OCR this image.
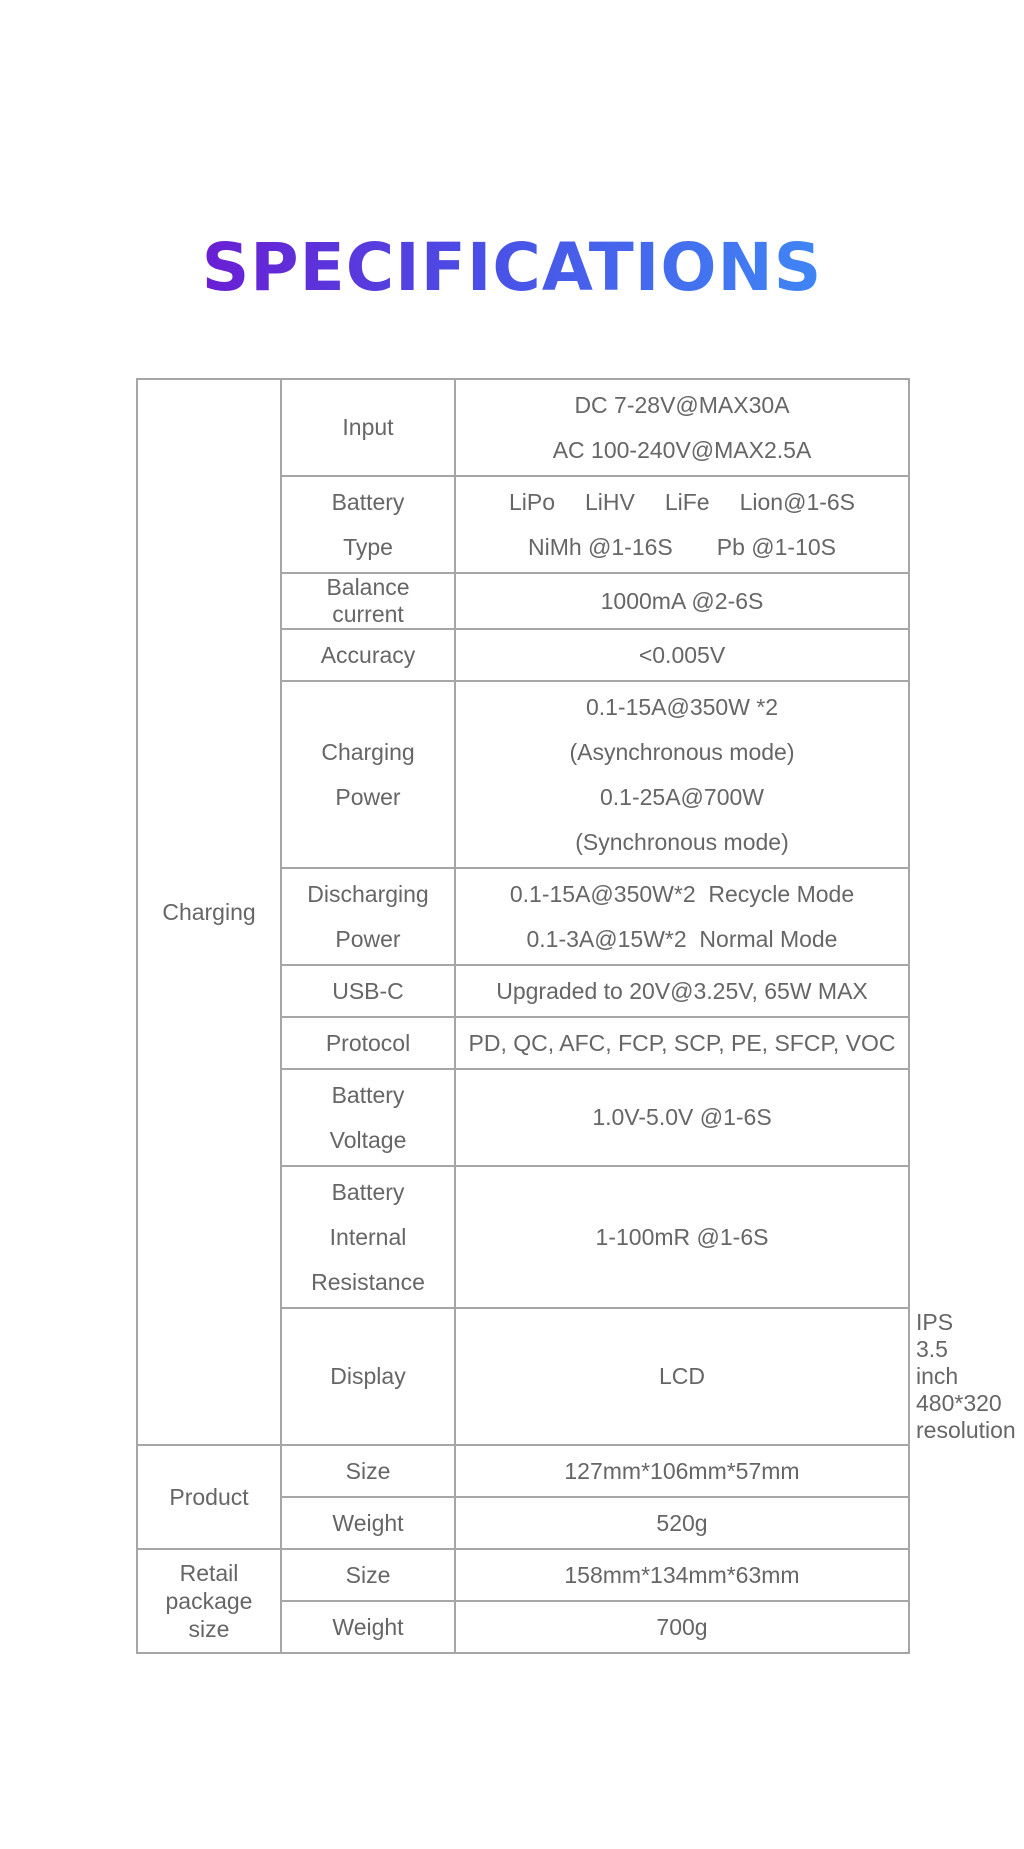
SPECIFICATIONS
Charging	Input	DC 7-28V@MAX30A
AC 100-240V@MAX2.5A	

	Battery
Type	LiPo LiHV LiFe Lion@1-6S
NiMh @1-16S Pb @1-10S	

	Balance current	1000mA @2-6S	
	Accuracy	<0.005V	

	Charging
Power	0.1-15A@350W *2
(Asynchronous mode)
0.1-25A@700W
(Synchronous mode)	

	Discharging
Power	0.1-15A@350W*2  Recycle Mode
0.1-3A@15W*2  Normal Mode	

	USB-C	Upgraded to 20V@3.25V, 65W MAX	
	Protocol	PD, QC, AFC, FCP, SCP, PE, SFCP, VOC	

	Battery
Voltage	1.0V-5.0V @1-6S	

	Battery
Internal
Resistance	1-100mR @1-6S	
	Display	LCD	IPS 3.5 inch 480*320 resolution
Product	Size	127mm*106mm*57mm	
	Weight	520g	

Retail
package
size	Size	158mm*134mm*63mm	
	Weight	700g	
